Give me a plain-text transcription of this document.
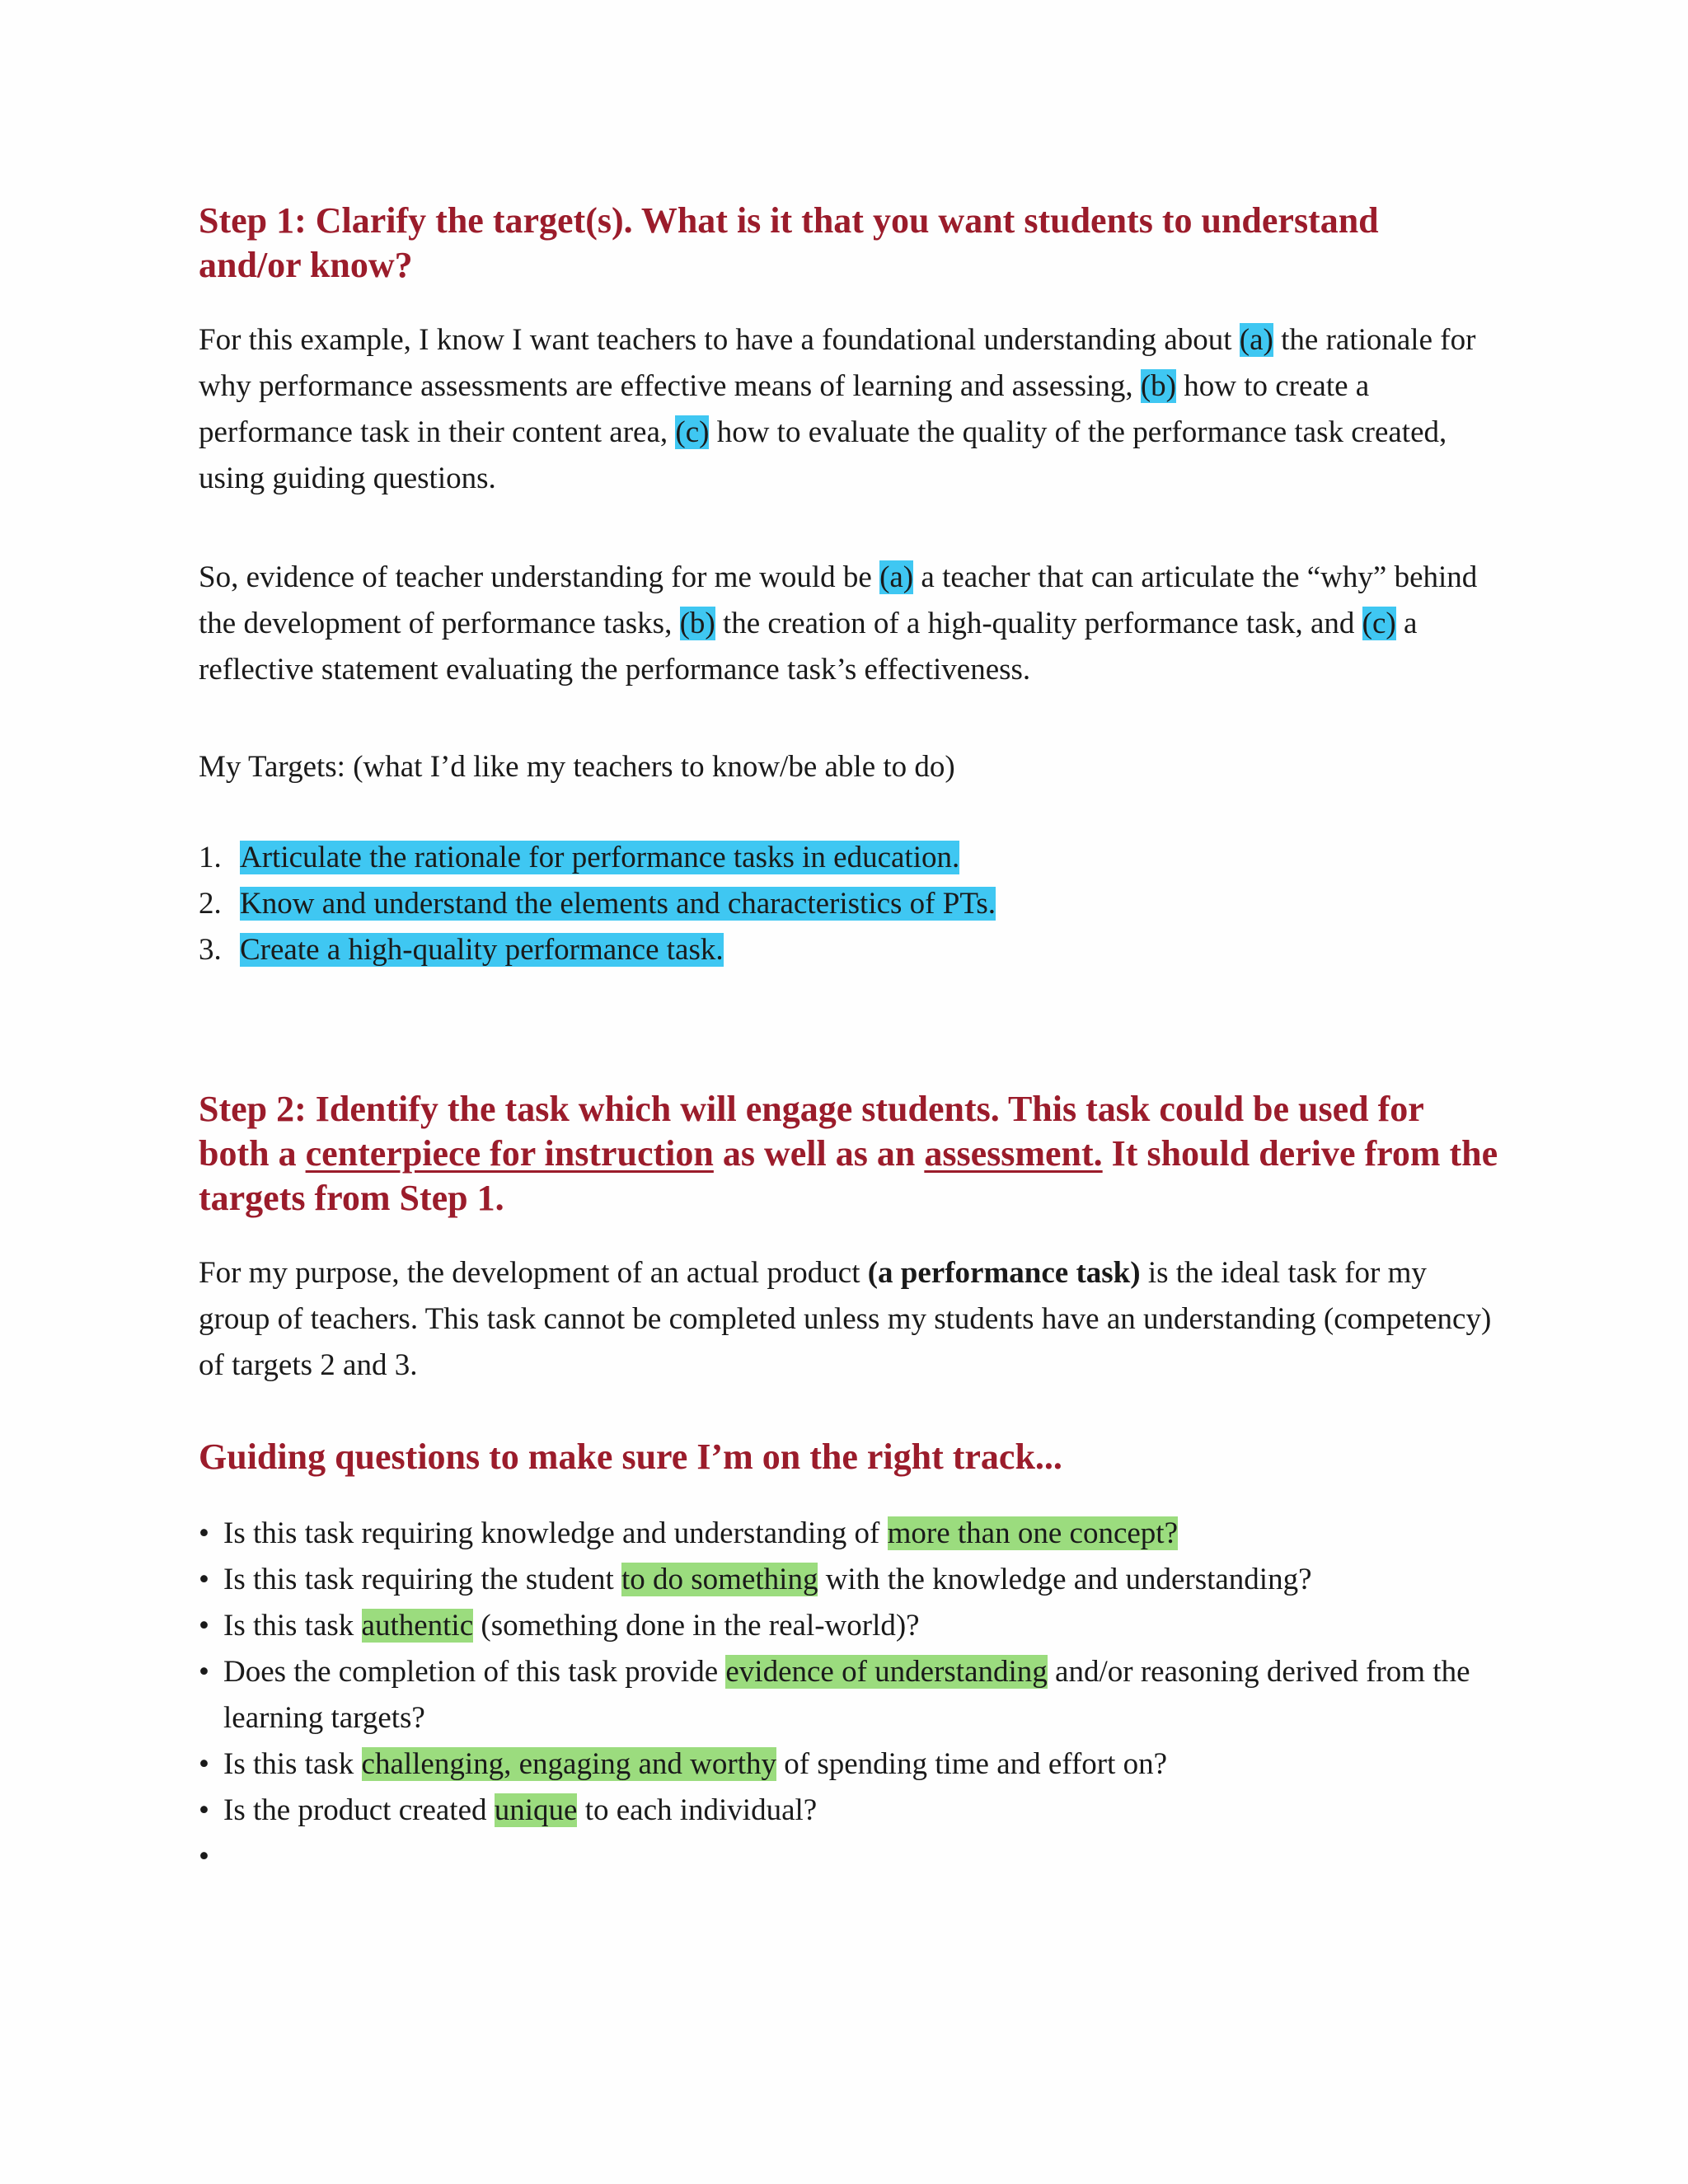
Step 1: Clarify the target(s). What is it that you want students to understand
and/or know?

For this example, I know I want teachers to have a foundational understanding about (a) the rationale for why performance assessments are effective means of learning and assessing, (b) how to create a performance task in their content area, (c) how to evaluate the quality of the performance task created, using guiding questions.

So, evidence of teacher understanding for me would be (a) a teacher that can articulate the “why” behind the development of performance tasks, (b) the creation of a high-quality performance task, and (c) a reflective statement evaluating the performance task’s effectiveness.

My Targets: (what I’d like my teachers to know/be able to do)

1. Articulate the rationale for performance tasks in education.
2. Know and understand the elements and characteristics of PTs.
3. Create a high-quality performance task.
Step 2: Identify the task which will engage students. This task could be used for both a centerpiece for instruction as well as an assessment. It should derive from the targets from Step 1.

For my purpose, the development of an actual product (a performance task) is the ideal task for my group of teachers. This task cannot be completed unless my students have an understanding (competency) of targets 2 and 3.

Guiding questions to make sure I’m on the right track...
• Is this task requiring knowledge and understanding of more than one concept?
• Is this task requiring the student to do something with the knowledge and understanding?
• Is this task authentic (something done in the real-world)?
• Does the completion of this task provide evidence of understanding and/or reasoning derived from the learning targets?
• Is this task challenging, engaging and worthy of spending time and effort on?
• Is the product created unique to each individual?
•
